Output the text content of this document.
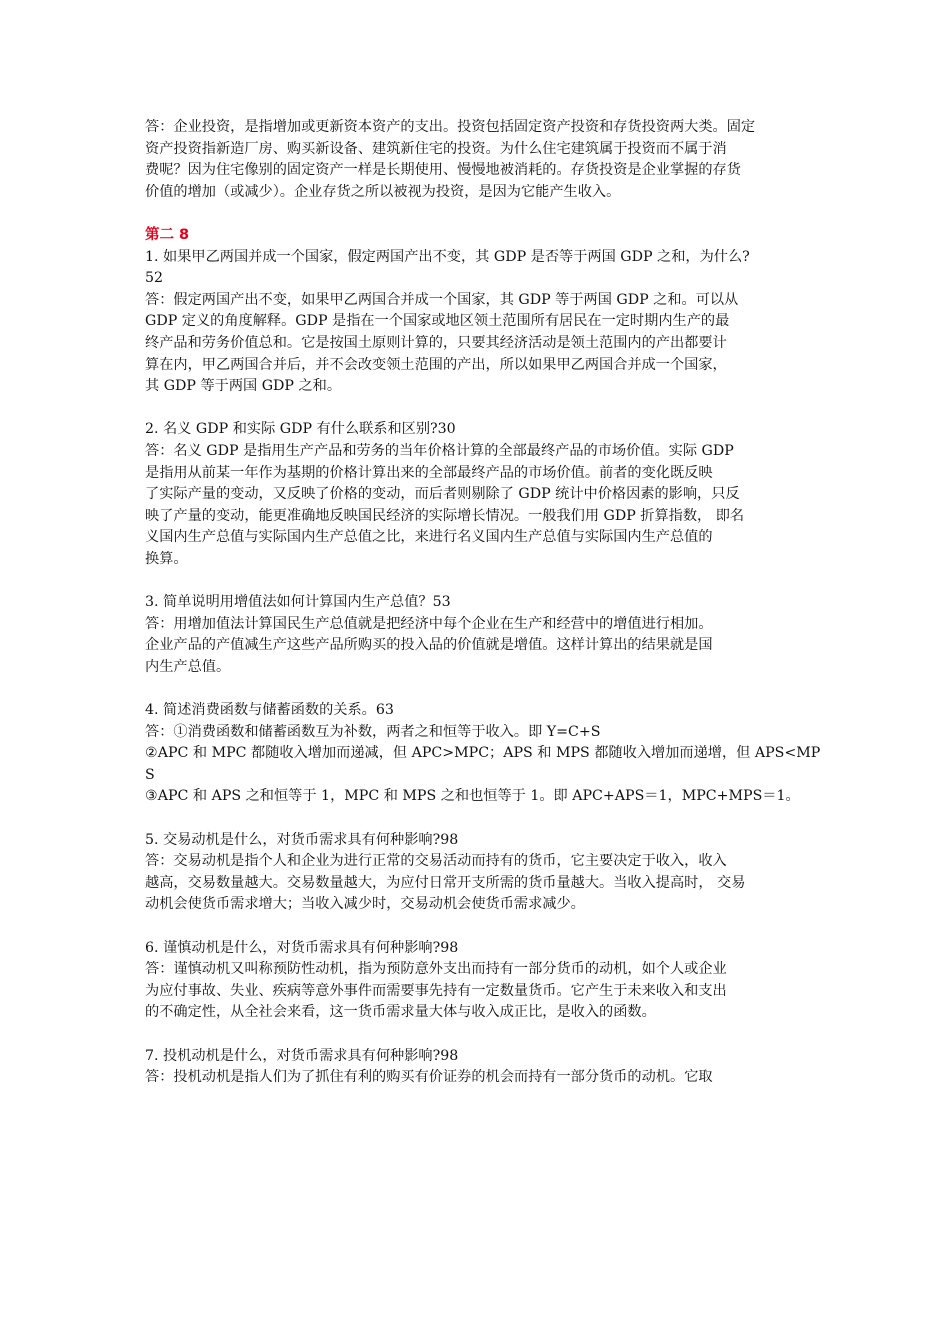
答：企业投资，是指增加或更新资本资产的支出。投资包括固定资产投资和存货投资两大类。固定

资产投资指新造厂房、购买新设备、建筑新住宅的投资。为什么住宅建筑属于投资而不属于消

费呢？因为住宅像别的固定资产一样是长期使用、慢慢地被消耗的。存货投资是企业掌握的存货

价值的增加（或减少）。企业存货之所以被视为投资，是因为它能产生收入。

第二 8

1. 如果甲乙两国并成一个国家，假定两国产出不变，其 GDP 是否等于两国 GDP 之和，为什么?

52

答：假定两国产出不变，如果甲乙两国合并成一个国家，其 GDP 等于两国 GDP 之和。可以从

GDP 定义的角度解释。GDP 是指在一个国家或地区领土范围所有居民在一定时期内生产的最

终产品和劳务价值总和。它是按国土原则计算的，只要其经济活动是领土范围内的产出都要计

算在内，甲乙两国合并后，并不会改变领土范围的产出，所以如果甲乙两国合并成一个国家，

其 GDP 等于两国 GDP 之和。

2. 名义 GDP 和实际 GDP 有什么联系和区别?30

答：名义 GDP 是指用生产产品和劳务的当年价格计算的全部最终产品的市场价值。实际 GDP

是指用从前某一年作为基期的价格计算出来的全部最终产品的市场价值。前者的变化既反映

了实际产量的变动，又反映了价格的变动，而后者则剔除了 GDP 统计中价格因素的影响，只反

映了产量的变动，能更准确地反映国民经济的实际增长情况。一般我们用 GDP 折算指数， 即名

义国内生产总值与实际国内生产总值之比，来进行名义国内生产总值与实际国内生产总值的

换算。

3. 简单说明用增值法如何计算国内生产总值？53

答：用增加值法计算国民生产总值就是把经济中每个企业在生产和经营中的增值进行相加。

企业产品的产值减生产这些产品所购买的投入品的价值就是增值。这样计算出的结果就是国

内生产总值。

4. 简述消费函数与储蓄函数的关系。63

答：①消费函数和储蓄函数互为补数，两者之和恒等于收入。即 Y=C+S

②APC 和 MPC 都随收入增加而递减，但 APC>MPC；APS 和 MPS 都随收入增加而递增，但 APS<MP

S

③APC 和 APS 之和恒等于 1，MPC 和 MPS 之和也恒等于 1。即 APC+APS＝1，MPC+MPS＝1。

5. 交易动机是什么，对货币需求具有何种影响?98

答：交易动机是指个人和企业为进行正常的交易活动而持有的货币，它主要决定于收入，收入

越高，交易数量越大。交易数量越大，为应付日常开支所需的货币量越大。当收入提高时， 交易

动机会使货币需求增大；当收入减少时，交易动机会使货币需求减少。

6. 谨慎动机是什么，对货币需求具有何种影响?98

答：谨慎动机又叫称预防性动机，指为预防意外支出而持有一部分货币的动机，如个人或企业

为应付事故、失业、疾病等意外事件而需要事先持有一定数量货币。它产生于未来收入和支出

的不确定性，从全社会来看，这一货币需求量大体与收入成正比，是收入的函数。

7. 投机动机是什么，对货币需求具有何种影响?98

答：投机动机是指人们为了抓住有利的购买有价证券的机会而持有一部分货币的动机。它取
